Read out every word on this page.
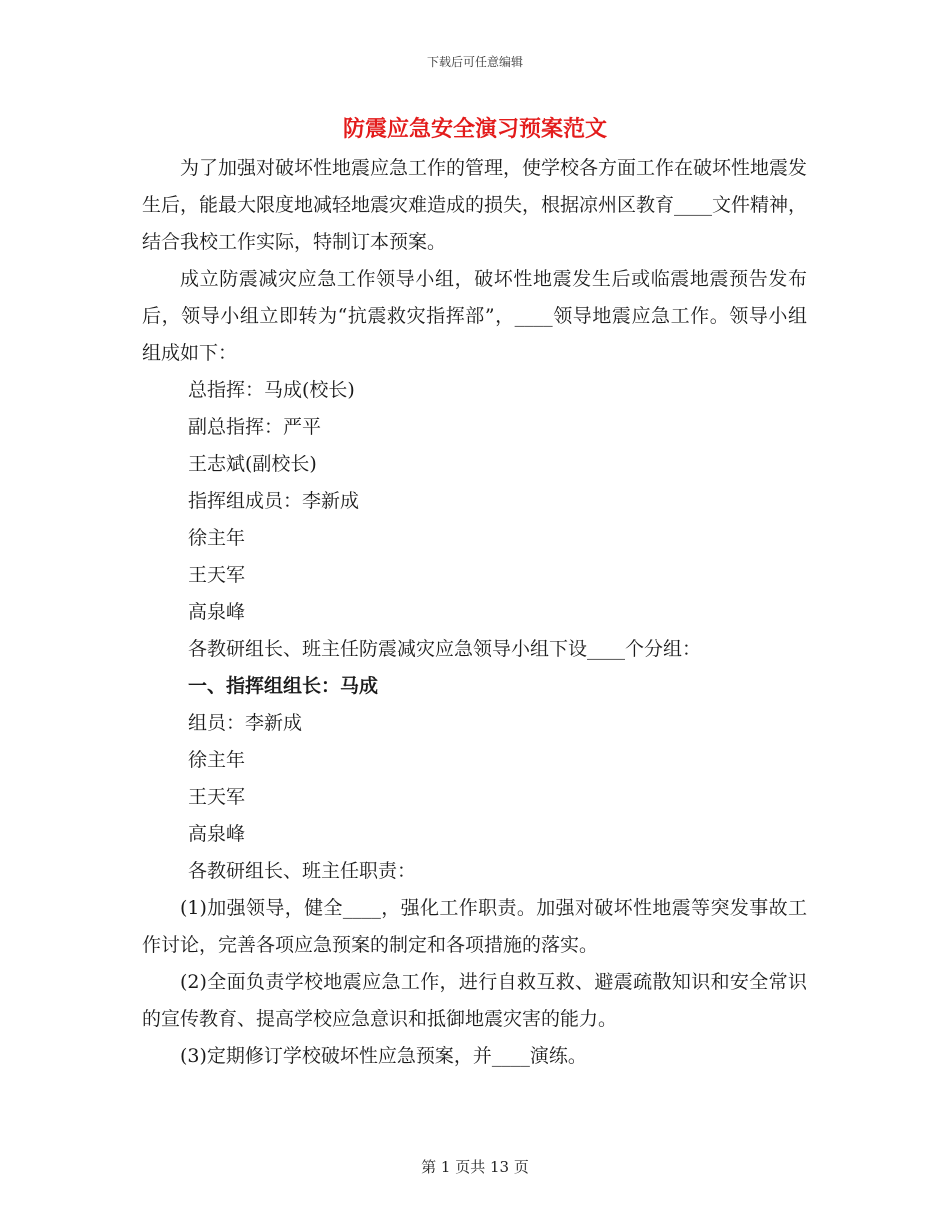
下载后可任意编辑
防震应急安全演习预案范文

为了加强对破坏性地震应急工作的管理，使学校各方面工作在破坏性地震发生后，能最大限度地减轻地震灾难造成的损失，根据凉州区教育____文件精神，结合我校工作实际，特制订本预案。

成立防震减灾应急工作领导小组，破坏性地震发生后或临震地震预告发布后，领导小组立即转为“抗震救灾指挥部”，____领导地震应急工作。领导小组组成如下：

总指挥：马成(校长)

副总指挥：严平

王志斌(副校长)

指挥组成员：李新成

徐主年

王天军

高泉峰

各教研组长、班主任防震减灾应急领导小组下设____个分组：

一、指挥组组长：马成

组员：李新成

徐主年

王天军

高泉峰

各教研组长、班主任职责：

(1)加强领导，健全____，强化工作职责。加强对破坏性地震等突发事故工作讨论，完善各项应急预案的制定和各项措施的落实。

(2)全面负责学校地震应急工作，进行自救互救、避震疏散知识和安全常识的宣传教育、提高学校应急意识和抵御地震灾害的能力。

(3)定期修订学校破坏性应急预案，并____演练。

第 1 页共 13 页
